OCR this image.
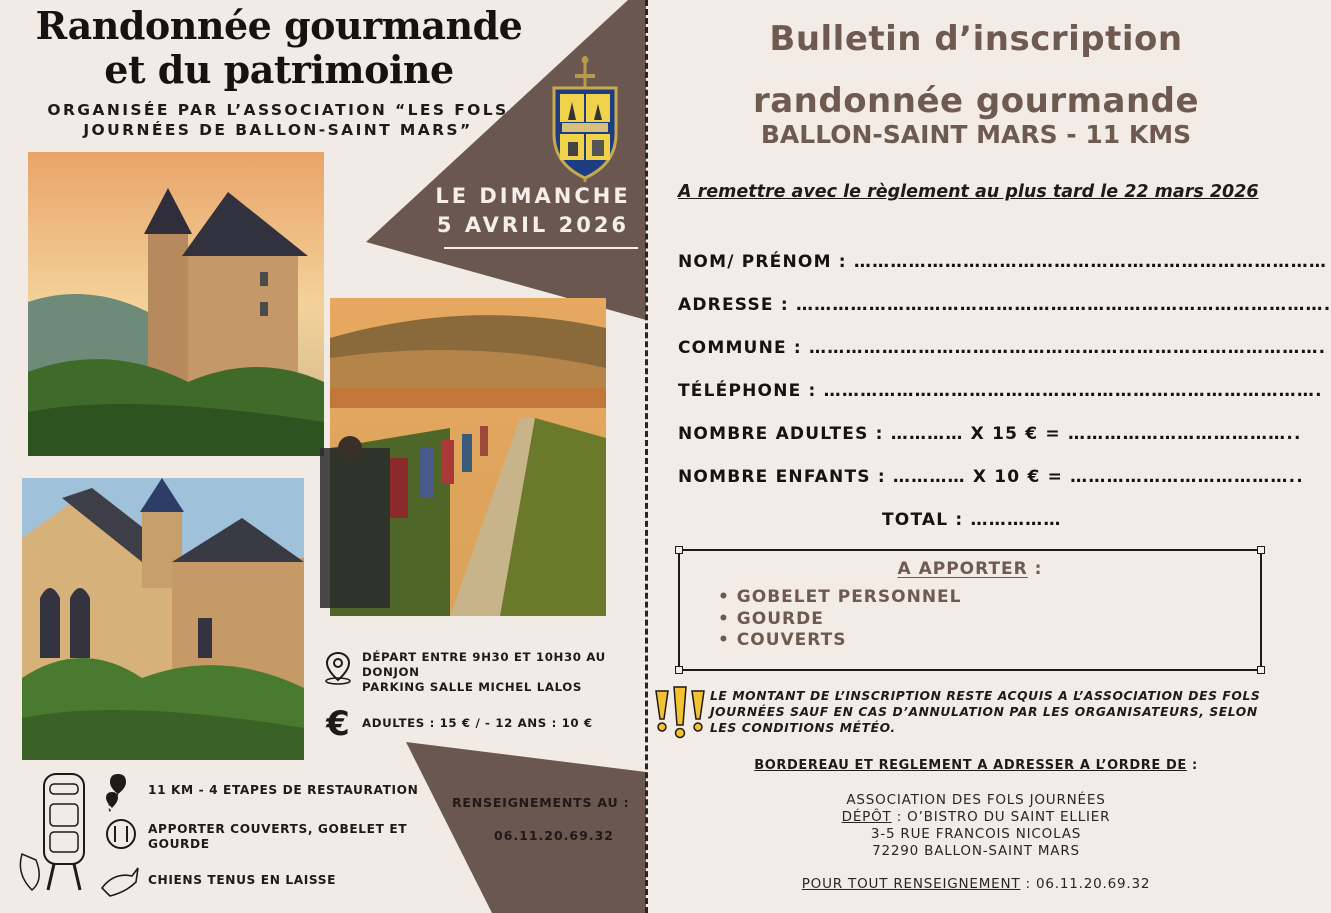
Randonnée gourmande et du patrimoine
ORGANISÉE PAR L’ASSOCIATION “LES FOLS JOURNÉES DE BALLON-SAINT MARS”
LE DIMANCHE
5 AVRIL 2026
DÉPART ENTRE 9H30 ET 10H30 AU DONJON
PARKING SALLE MICHEL LALOS
€	ADULTES : 15 € / - 12 ANS : 10 €
RENSEIGNEMENTS AU :
06.11.20.69.32
11 KM - 4 ETAPES DE RESTAURATION
APPORTER COUVERTS, GOBELET ET GOURDE
CHIENS TENUS EN LAISSE
Bulletin d’inscription randonnée gourmande
BALLON-SAINT MARS - 11 KMS
A remettre avec le règlement au plus tard le 22 mars 2026
NOM/ PRÉNOM : ……………………………………………………………………
ADRESSE : …………………………………………………………………………….
COMMUNE : ………………………………………………………………………….
TÉLÉPHONE : ……………………………………………………………………….
NOMBRE ADULTES : ………… X 15 € = ………………………………..
NOMBRE ENFANTS : ………… X 10 € = ………………………………..
TOTAL : ……………
A APPORTER :
• GOBELET PERSONNEL
• GOURDE
• COUVERTS
LE MONTANT DE L’INSCRIPTION RESTE ACQUIS A L’ASSOCIATION DES FOLS JOURNÉES SAUF EN CAS D’ANNULATION PAR LES ORGANISATEURS, SELON LES CONDITIONS MÉTÉO.
BORDEREAU ET REGLEMENT A ADRESSER A L’ORDRE DE :
ASSOCIATION DES FOLS JOURNÉES
DÉPÔT : O’BISTRO DU SAINT ELLIER
3-5 RUE FRANCOIS NICOLAS
72290 BALLON-SAINT MARS
POUR TOUT RENSEIGNEMENT : 06.11.20.69.32
